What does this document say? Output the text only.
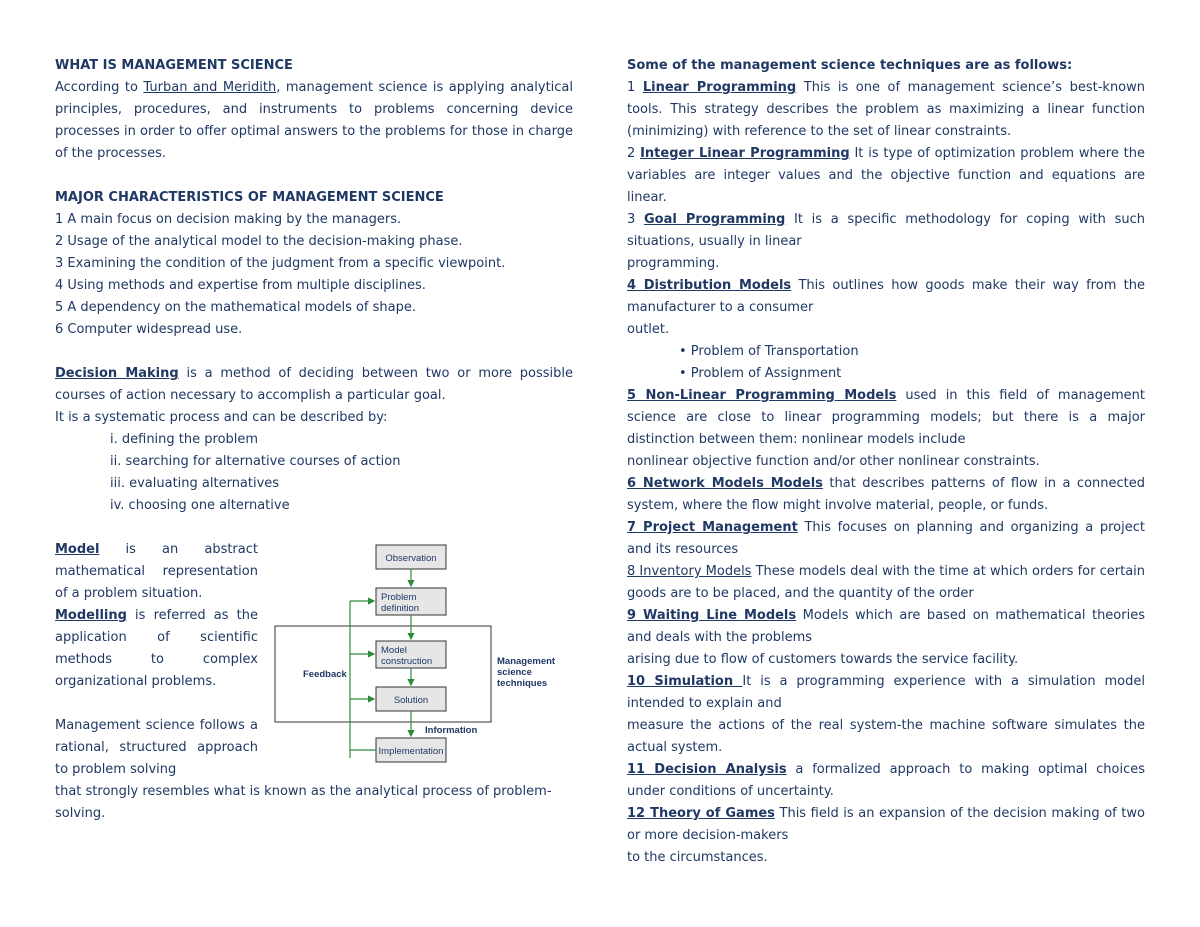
WHAT IS MANAGEMENT SCIENCE

According to Turban and Meridith, management science is applying analytical principles, procedures, and instruments to problems concerning device processes in order to offer optimal answers to the problems for those in charge of the processes.

MAJOR CHARACTERISTICS OF MANAGEMENT SCIENCE

1 A main focus on decision making by the managers.

2 Usage of the analytical model to the decision-making phase.

3 Examining the condition of the judgment from a specific viewpoint.

4 Using methods and expertise from multiple disciplines.

5 A dependency on the mathematical models of shape.

6 Computer widespread use.

Decision Making is a method of deciding between two or more possible courses of action necessary to accomplish a particular goal.

It is a systematic process and can be described by:

i. defining the problem

ii. searching for alternative courses of action

iii. evaluating alternatives

iv. choosing one alternative

Model is an abstract mathematical representation of a problem situation.

Modelling is referred as the application of scientific methods to complex organizational problems.

Management science follows a rational, structured approach to problem solving

that strongly resembles what is known as the analytical process of problem-solving.

Observation
Problem
definition
Model
construction
Solution
Implementation
Feedback
Information
Management
science
techniques

Some of the management science techniques are as follows:

1 Linear Programming This is one of management science’s best-known tools. This strategy describes the problem as maximizing a linear function (minimizing) with reference to the set of linear constraints.

2 Integer Linear Programming It is type of optimization problem where the variables are integer values and the objective function and equations are linear.

3 Goal Programming It is a specific methodology for coping with such situations, usually in linear

programming.

4 Distribution Models This outlines how goods make their way from the manufacturer to a consumer

outlet.

• Problem of Transportation

• Problem of Assignment

5 Non-Linear Programming Models used in this field of management science are close to linear programming models; but there is a major distinction between them: nonlinear models include

nonlinear objective function and/or other nonlinear constraints.

6 Network Models Models that describes patterns of flow in a connected system, where the flow might involve material, people, or funds.

7 Project Management This focuses on planning and organizing a project and its resources

8 Inventory Models These models deal with the time at which orders for certain goods are to be placed, and the quantity of the order

9 Waiting Line Models Models which are based on mathematical theories and deals with the problems

arising due to flow of customers towards the service facility.

10 Simulation It is a programming experience with a simulation model intended to explain and

measure the actions of the real system-the machine software simulates the actual system.

11 Decision Analysis a formalized approach to making optimal choices under conditions of uncertainty.

12 Theory of Games This field is an expansion of the decision making of two or more decision-makers

to the circumstances.
